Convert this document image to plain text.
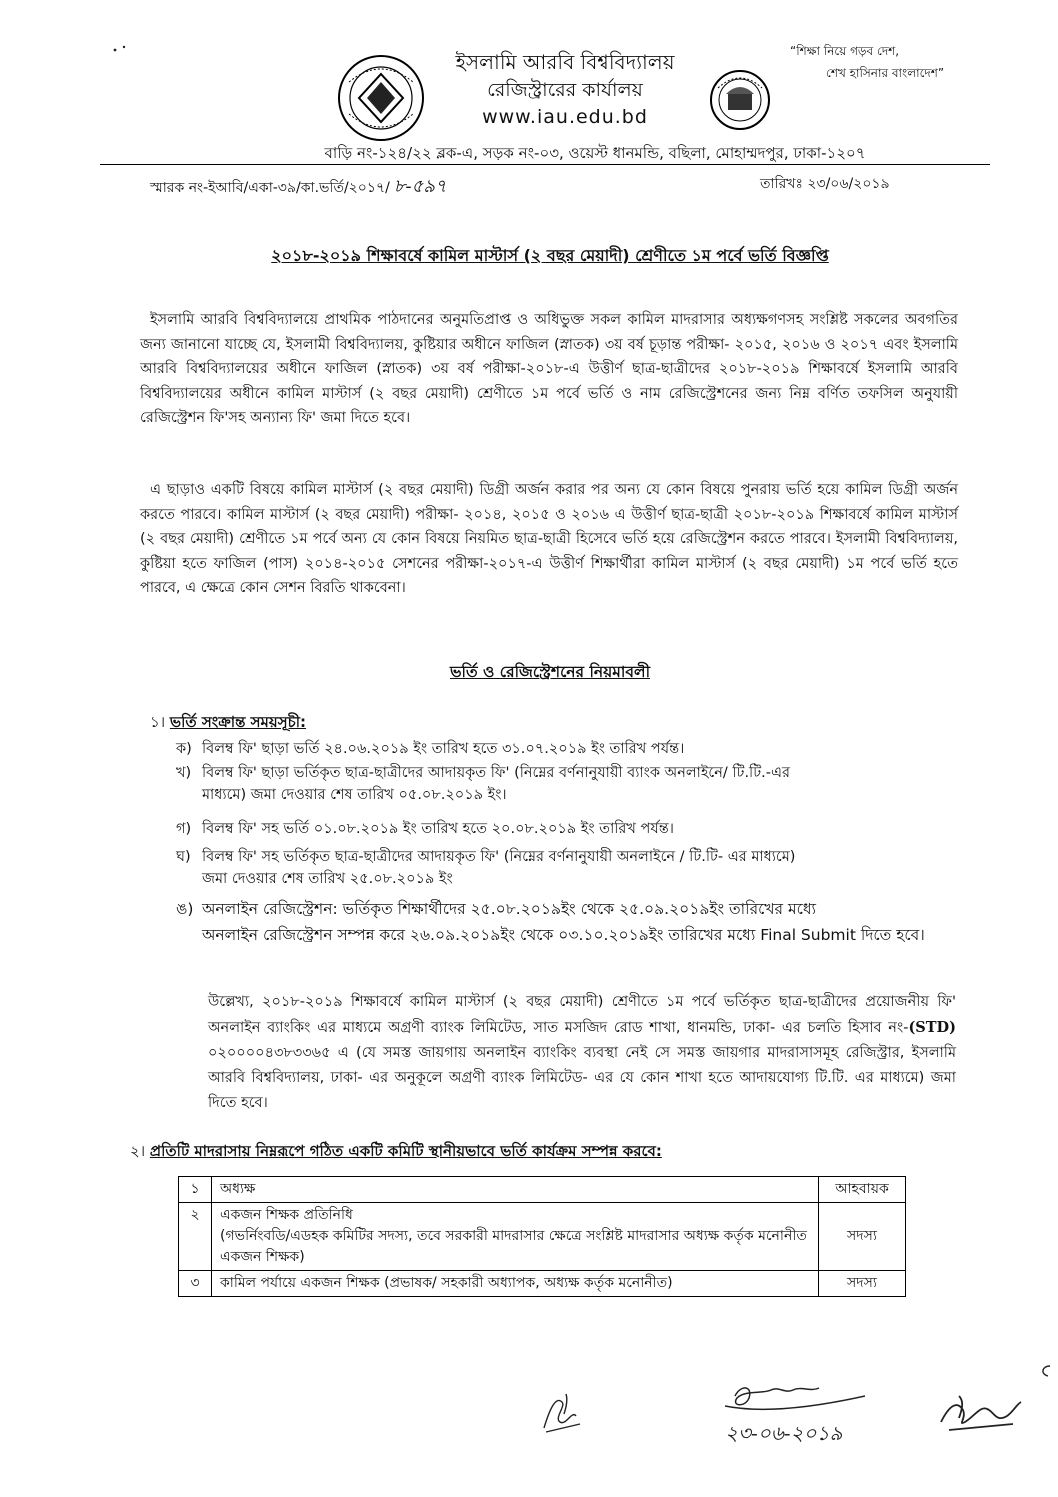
ইসলামি আরবি বিশ্ববিদ্যালয়
রেজিস্ট্রারের কার্যালয়
www.iau.edu.bd
“শিক্ষা নিয়ে গড়ব দেশ,
শেখ হাসিনার বাংলাদেশ”
বাড়ি নং-১২৪/২২ ব্লক-এ, সড়ক নং-০৩, ওয়েস্ট ধানমন্ডি, বছিলা, মোহাম্মদপুর, ঢাকা-১২০৭
স্মারক নং-ইআবি/একা-৩৯/কা.ভর্তি/২০১৭/ ৮-৫৯৭	তারিখঃ ২৩/০৬/২০১৯
২০১৮-২০১৯ শিক্ষাবর্ষে কামিল মাস্টার্স (২ বছর মেয়াদী) শ্রেণীতে ১ম পর্বে ভর্তি বিজ্ঞপ্তি
ইসলামি আরবি বিশ্ববিদ্যালয়ে প্রাথমিক পাঠদানের অনুমতিপ্রাপ্ত ও অধিভুক্ত সকল কামিল মাদরাসার অধ্যক্ষগণসহ সংশ্লিষ্ট সকলের অবগতির জন্য জানানো যাচ্ছে যে, ইসলামী বিশ্ববিদ্যালয়, কুষ্টিয়ার অধীনে ফাজিল (স্নাতক) ৩য় বর্ষ চূড়ান্ত পরীক্ষা- ২০১৫, ২০১৬ ও ২০১৭ এবং ইসলামি আরবি বিশ্ববিদ্যালয়ের অধীনে ফাজিল (স্নাতক) ৩য় বর্ষ পরীক্ষা-২০১৮-এ উত্তীর্ণ ছাত্র-ছাত্রীদের ২০১৮-২০১৯ শিক্ষাবর্ষে ইসলামি আরবি বিশ্ববিদ্যালয়ের অধীনে কামিল মাস্টার্স (২ বছর মেয়াদী) শ্রেণীতে ১ম পর্বে ভর্তি ও নাম রেজিস্ট্রেশনের জন্য নিম্ন বর্ণিত তফসিল অনুযায়ী রেজিস্ট্রেশন ফি'সহ অন্যান্য ফি' জমা দিতে হবে।
এ ছাড়াও একটি বিষয়ে কামিল মাস্টার্স (২ বছর মেয়াদী) ডিগ্রী অর্জন করার পর অন্য যে কোন বিষয়ে পুনরায় ভর্তি হয়ে কামিল ডিগ্রী অর্জন করতে পারবে। কামিল মাস্টার্স (২ বছর মেয়াদী) পরীক্ষা- ২০১৪, ২০১৫ ও ২০১৬ এ উত্তীর্ণ ছাত্র-ছাত্রী ২০১৮-২০১৯ শিক্ষাবর্ষে কামিল মাস্টার্স (২ বছর মেয়াদী) শ্রেণীতে ১ম পর্বে অন্য যে কোন বিষয়ে নিয়মিত ছাত্র-ছাত্রী হিসেবে ভর্তি হয়ে রেজিস্ট্রেশন করতে পারবে। ইসলামী বিশ্ববিদ্যালয়, কুষ্টিয়া হতে ফাজিল (পাস) ২০১৪-২০১৫ সেশনের পরীক্ষা-২০১৭-এ উত্তীর্ণ শিক্ষার্থীরা কামিল মাস্টার্স (২ বছর মেয়াদী) ১ম পর্বে ভর্তি হতে পারবে, এ ক্ষেত্রে কোন সেশন বিরতি থাকবেনা।
ভর্তি ও রেজিস্ট্রেশনের নিয়মাবলী
১। ভর্তি সংক্রান্ত সময়সূচী:
ক) বিলম্ব ফি' ছাড়া ভর্তি ২৪.০৬.২০১৯ ইং তারিখ হতে ৩১.০৭.২০১৯ ইং তারিখ পর্যন্ত।
খ) বিলম্ব ফি' ছাড়া ভর্তিকৃত ছাত্র-ছাত্রীদের আদায়কৃত ফি' (নিম্নের বর্ণনানুযায়ী ব্যাংক অনলাইনে/ টি.টি.-এর
মাধ্যমে) জমা দেওয়ার শেষ তারিখ ০৫.০৮.২০১৯ ইং।
গ) বিলম্ব ফি' সহ ভর্তি ০১.০৮.২০১৯ ইং তারিখ হতে ২০.০৮.২০১৯ ইং তারিখ পর্যন্ত।
ঘ) বিলম্ব ফি' সহ ভর্তিকৃত ছাত্র-ছাত্রীদের আদায়কৃত ফি' (নিম্নের বর্ণনানুযায়ী অনলাইনে / টি.টি- এর মাধ্যমে)
জমা দেওয়ার শেষ তারিখ ২৫.০৮.২০১৯ ইং
ঙ) অনলাইন রেজিস্ট্রেশন: ভর্তিকৃত শিক্ষার্থীদের ২৫.০৮.২০১৯ইং থেকে ২৫.০৯.২০১৯ইং তারিখের মধ্যে
অনলাইন রেজিস্ট্রেশন সম্পন্ন করে ২৬.০৯.২০১৯ইং থেকে ০৩.১০.২০১৯ইং তারিখের মধ্যে Final Submit দিতে হবে।
উল্লেখ্য, ২০১৮-২০১৯ শিক্ষাবর্ষে কামিল মাস্টার্স (২ বছর মেয়াদী) শ্রেণীতে ১ম পর্বে ভর্তিকৃত ছাত্র-ছাত্রীদের প্রয়োজনীয় ফি' অনলাইন ব্যাংকিং এর মাধ্যমে অগ্রণী ব্যাংক লিমিটেড, সাত মসজিদ রোড শাখা, ধানমন্ডি, ঢাকা- এর চলতি হিসাব নং-(STD) ০২০০০০৪৩৮৩৩৬৫ এ (যে সমস্ত জায়গায় অনলাইন ব্যাংকিং ব্যবস্থা নেই সে সমস্ত জায়গার মাদরাসাসমূহ রেজিস্ট্রার, ইসলামি আরবি বিশ্ববিদ্যালয়, ঢাকা- এর অনুকূলে অগ্রণী ব্যাংক লিমিটেড- এর যে কোন শাখা হতে আদায়যোগ্য টি.টি. এর মাধ্যমে) জমা দিতে হবে।
২। প্রতিটি মাদরাসায় নিম্নরূপে গঠিত একটি কমিটি স্থানীয়ভাবে ভর্তি কার্যক্রম সম্পন্ন করবে:
১	অধ্যক্ষ	আহবায়ক
২	একজন শিক্ষক প্রতিনিধি
(গভর্নিংবডি/এডহক কমিটির সদস্য, তবে সরকারী মাদরাসার ক্ষেত্রে সংশ্লিষ্ট মাদরাসার অধ্যক্ষ কর্তৃক মনোনীত একজন শিক্ষক)	সদস্য
৩	কামিল পর্যায়ে একজন শিক্ষক (প্রভাষক/ সহকারী অধ্যাপক, অধ্যক্ষ কর্তৃক মনোনীত)	সদস্য
২৩-০৬-২০১৯
